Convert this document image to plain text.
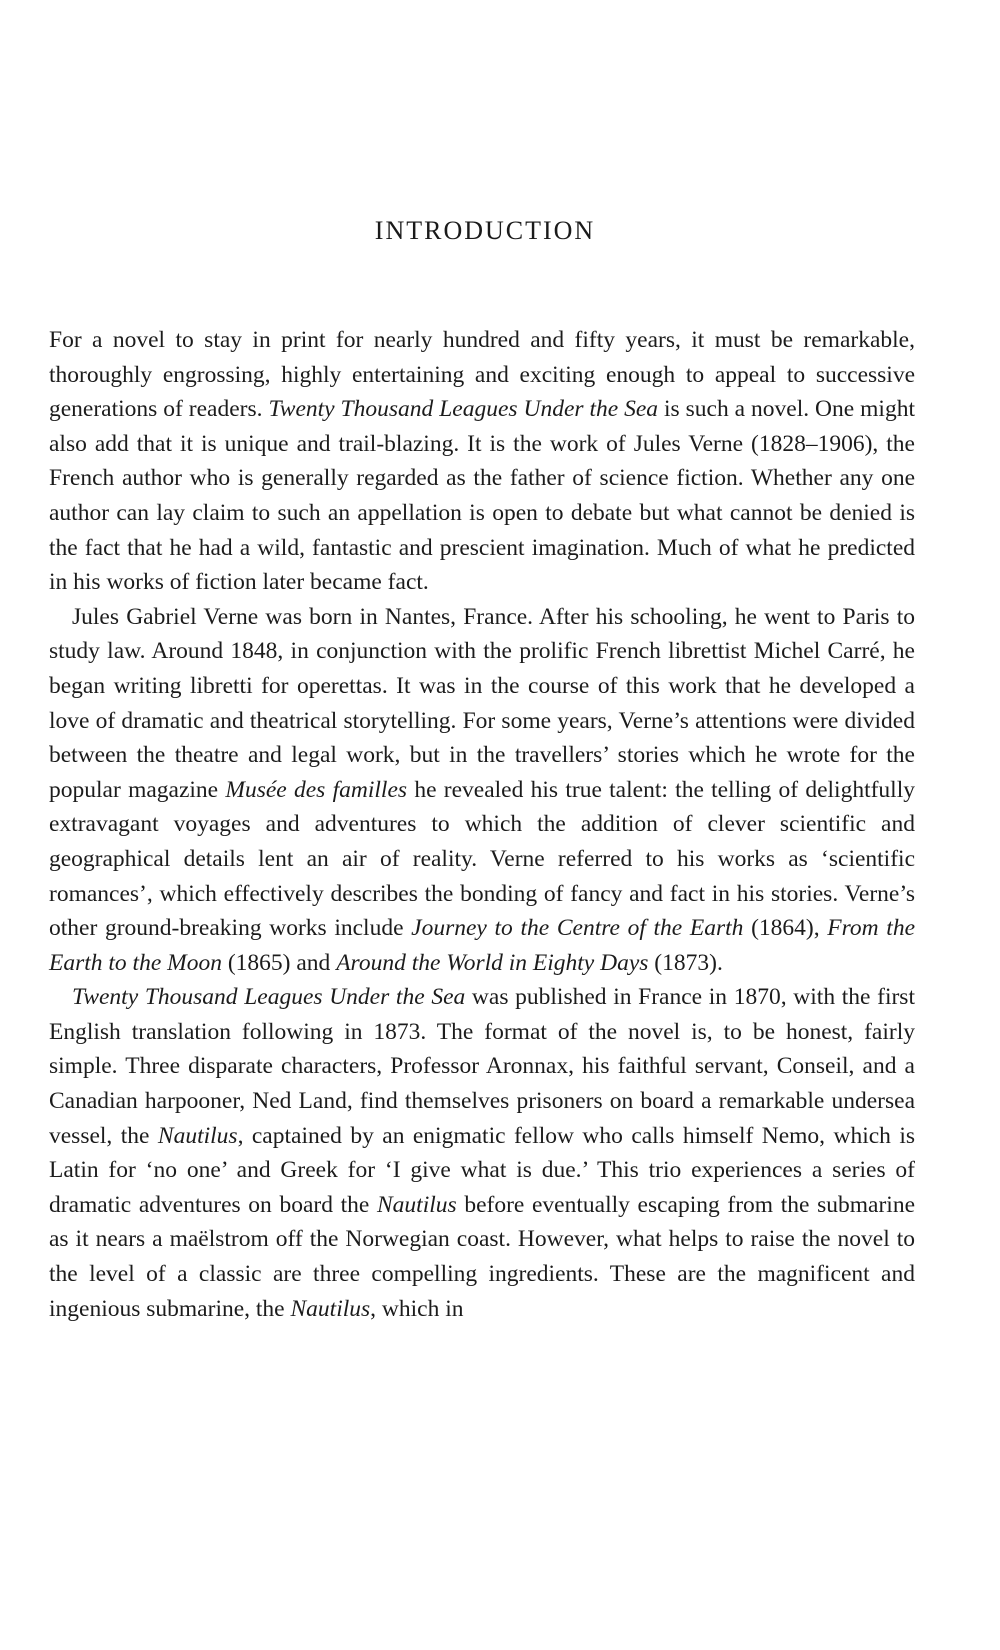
INTRODUCTION

For a novel to stay in print for nearly hundred and fifty years, it must be remarkable, thoroughly engrossing, highly entertaining and exciting enough to appeal to successive generations of readers. Twenty Thousand Leagues Under the Sea is such a novel. One might also add that it is unique and trail-blazing. It is the work of Jules Verne (1828–1906), the French author who is generally regarded as the father of science fiction. Whether any one author can lay claim to such an appellation is open to debate but what cannot be denied is the fact that he had a wild, fantastic and prescient imagination. Much of what he predicted in his works of fiction later became fact.

Jules Gabriel Verne was born in Nantes, France. After his schooling, he went to Paris to study law. Around 1848, in conjunction with the prolific French librettist Michel Carré, he began writing libretti for operettas. It was in the course of this work that he developed a love of dramatic and theatrical storytelling. For some years, Verne’s attentions were divided between the theatre and legal work, but in the travellers’ stories which he wrote for the popular magazine Musée des familles he revealed his true talent: the telling of delightfully extravagant voyages and adventures to which the addition of clever scientific and geographical details lent an air of reality. Verne referred to his works as ‘scientific romances’, which effectively describes the bonding of fancy and fact in his stories. Verne’s other ground-breaking works include Journey to the Centre of the Earth (1864), From the Earth to the Moon (1865) and Around the World in Eighty Days (1873).

Twenty Thousand Leagues Under the Sea was published in France in 1870, with the first English translation following in 1873. The format of the novel is, to be honest, fairly simple. Three disparate characters, Professor Aronnax, his faithful servant, Conseil, and a Canadian harpooner, Ned Land, find themselves prisoners on board a remarkable undersea vessel, the Nautilus, captained by an enigmatic fellow who calls himself Nemo, which is Latin for ‘no one’ and Greek for ‘I give what is due.’ This trio experiences a series of dramatic adventures on board the Nautilus before eventually escaping from the submarine as it nears a maëlstrom off the Norwegian coast. However, what helps to raise the novel to the level of a classic are three compelling ingredients. These are the magnificent and ingenious submarine, the Nautilus, which in
